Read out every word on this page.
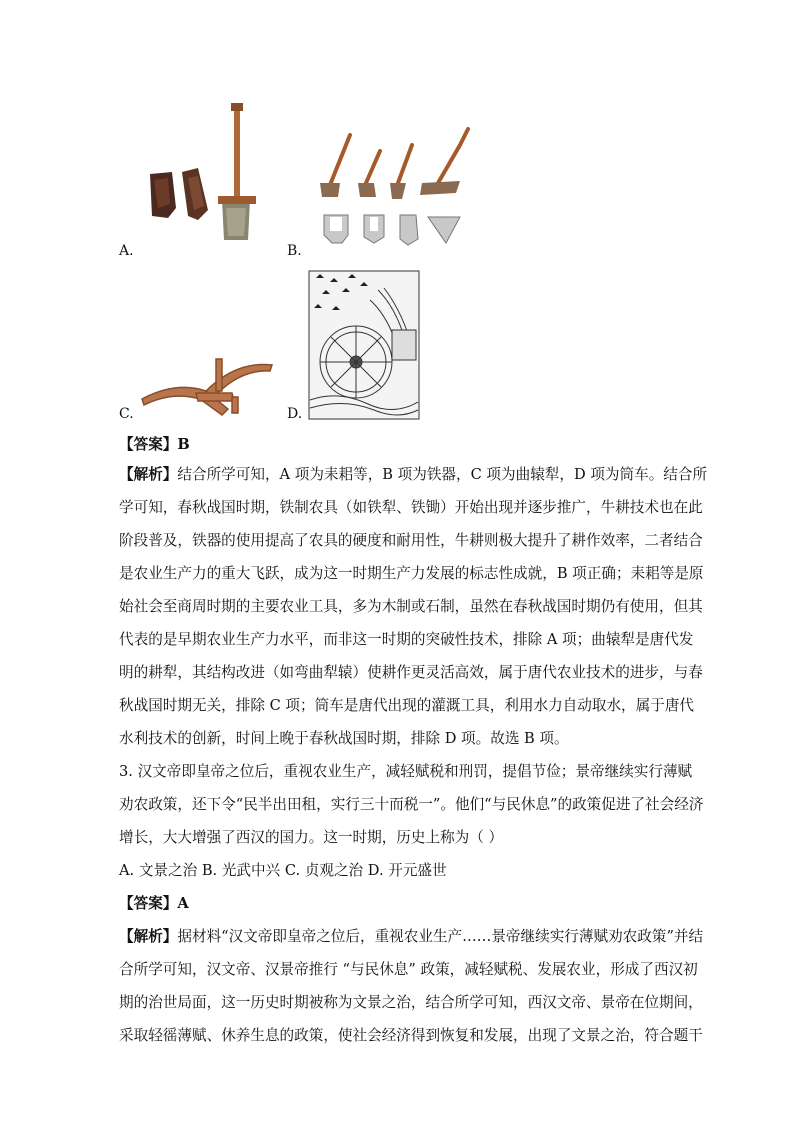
A.	B.
C.	D.
【答案】B
【解析】结合所学可知，A 项为耒耜等，B 项为铁器，C 项为曲辕犁，D 项为筒车。结合所
学可知，春秋战国时期，铁制农具（如铁犁、铁锄）开始出现并逐步推广，牛耕技术也在此
阶段普及，铁器的使用提高了农具的硬度和耐用性，牛耕则极大提升了耕作效率，二者结合
是农业生产力的重大飞跃，成为这一时期生产力发展的标志性成就，B 项正确；耒耜等是原
始社会至商周时期的主要农业工具，多为木制或石制，虽然在春秋战国时期仍有使用，但其
代表的是早期农业生产力水平，而非这一时期的突破性技术，排除 A 项；曲辕犁是唐代发
明的耕犁，其结构改进（如弯曲犁辕）使耕作更灵活高效，属于唐代农业技术的进步，与春
秋战国时期无关，排除 C 项；筒车是唐代出现的灌溉工具，利用水力自动取水，属于唐代
水利技术的创新，时间上晚于春秋战国时期，排除 D 项。故选 B 项。
3. 汉文帝即皇帝之位后，重视农业生产，减轻赋税和刑罚，提倡节俭；景帝继续实行薄赋
劝农政策，还下令“民半出田租，实行三十而税一”。他们“与民休息”的政策促进了社会经济
增长，大大增强了西汉的国力。这一时期，历史上称为（ ）
A. 文景之治 B. 光武中兴 C. 贞观之治 D. 开元盛世
【答案】A
【解析】据材料“汉文帝即皇帝之位后，重视农业生产……景帝继续实行薄赋劝农政策”并结
合所学可知，汉文帝、汉景帝推行 “与民休息” 政策，减轻赋税、发展农业，形成了西汉初
期的治世局面，这一历史时期被称为文景之治，结合所学可知，西汉文帝、景帝在位期间，
采取轻徭薄赋、休养生息的政策，使社会经济得到恢复和发展，出现了文景之治，符合题干
